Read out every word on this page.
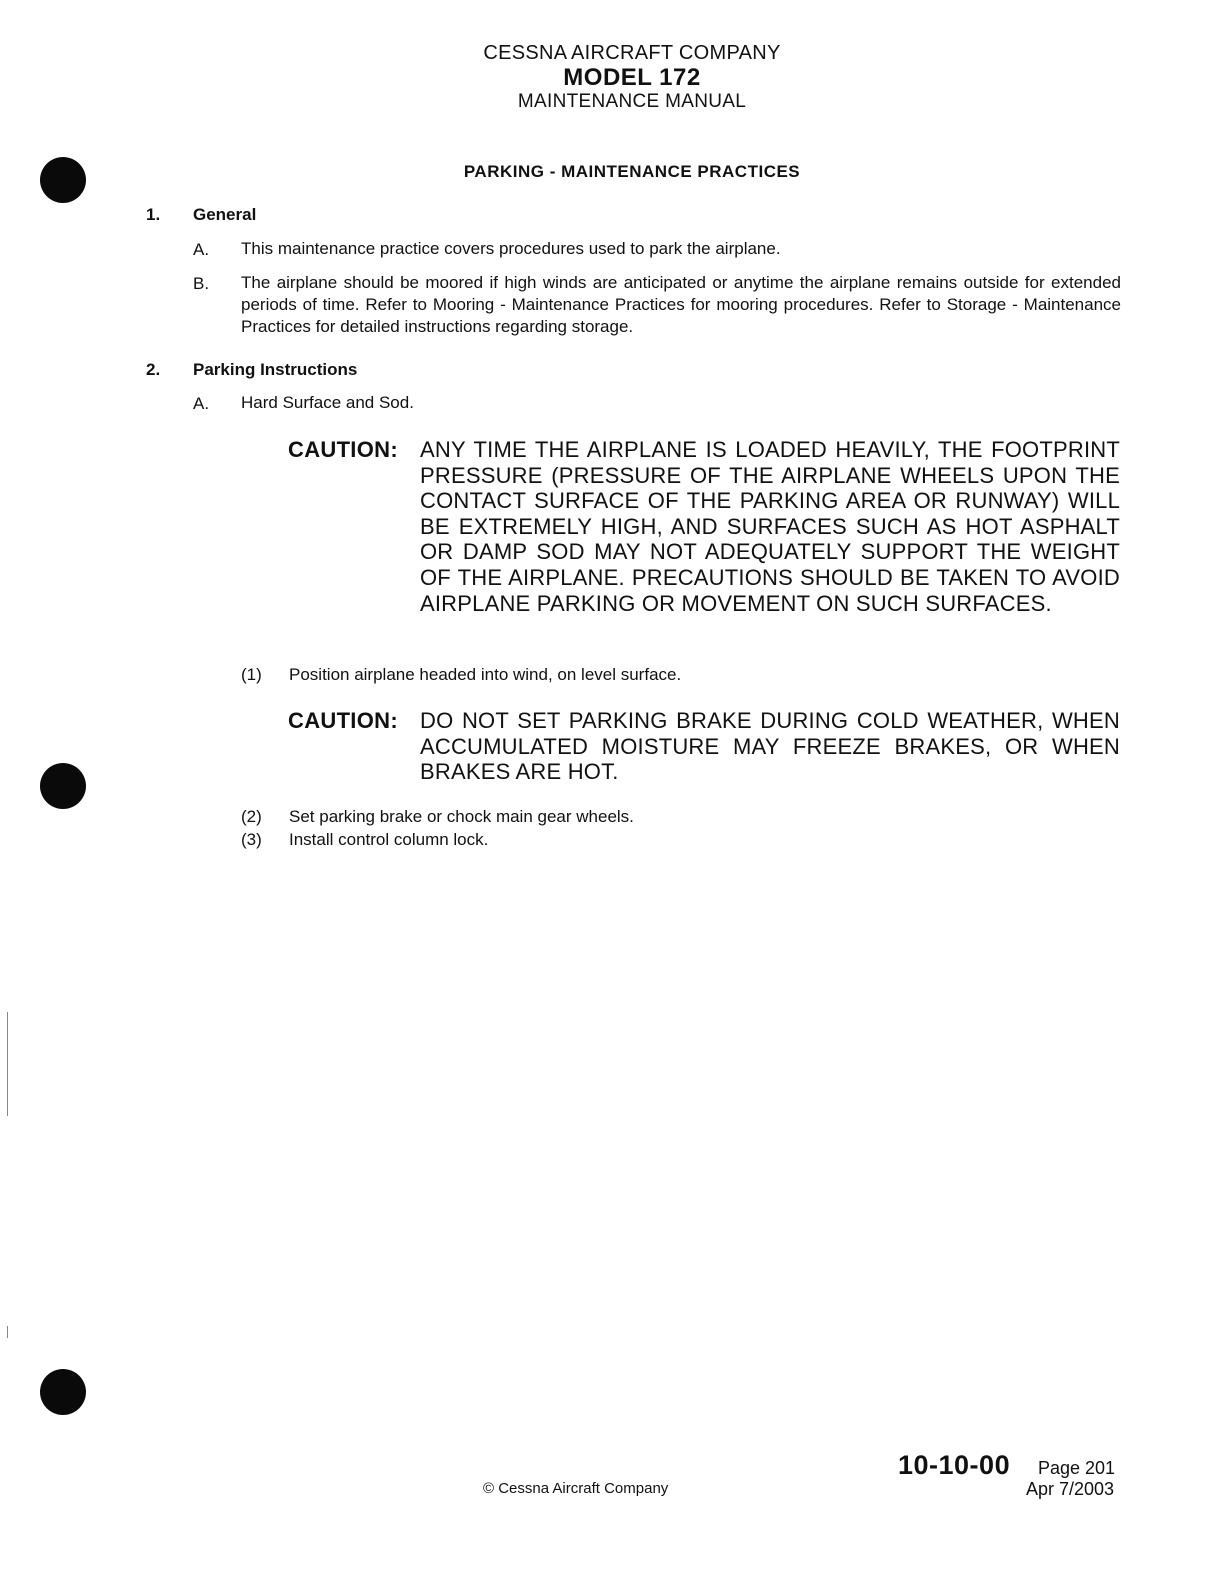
CESSNA AIRCRAFT COMPANY
MODEL 172
MAINTENANCE MANUAL
PARKING - MAINTENANCE PRACTICES
1. General
A. This maintenance practice covers procedures used to park the airplane.
B. The airplane should be moored if high winds are anticipated or anytime the airplane remains outside for extended periods of time. Refer to Mooring - Maintenance Practices for mooring procedures. Refer to Storage - Maintenance Practices for detailed instructions regarding storage.
2. Parking Instructions
A. Hard Surface and Sod.
CAUTION: ANY TIME THE AIRPLANE IS LOADED HEAVILY, THE FOOTPRINT PRESSURE (PRESSURE OF THE AIRPLANE WHEELS UPON THE CONTACT SURFACE OF THE PARKING AREA OR RUNWAY) WILL BE EXTREMELY HIGH, AND SURFACES SUCH AS HOT ASPHALT OR DAMP SOD MAY NOT ADEQUATELY SUPPORT THE WEIGHT OF THE AIRPLANE. PRECAUTIONS SHOULD BE TAKEN TO AVOID AIRPLANE PARKING OR MOVEMENT ON SUCH SURFACES.
(1) Position airplane headed into wind, on level surface.
CAUTION: DO NOT SET PARKING BRAKE DURING COLD WEATHER, WHEN ACCUMULATED MOISTURE MAY FREEZE BRAKES, OR WHEN BRAKES ARE HOT.
(2) Set parking brake or chock main gear wheels.
(3) Install control column lock.
© Cessna Aircraft Company
10-10-00 Page 201
Apr 7/2003
